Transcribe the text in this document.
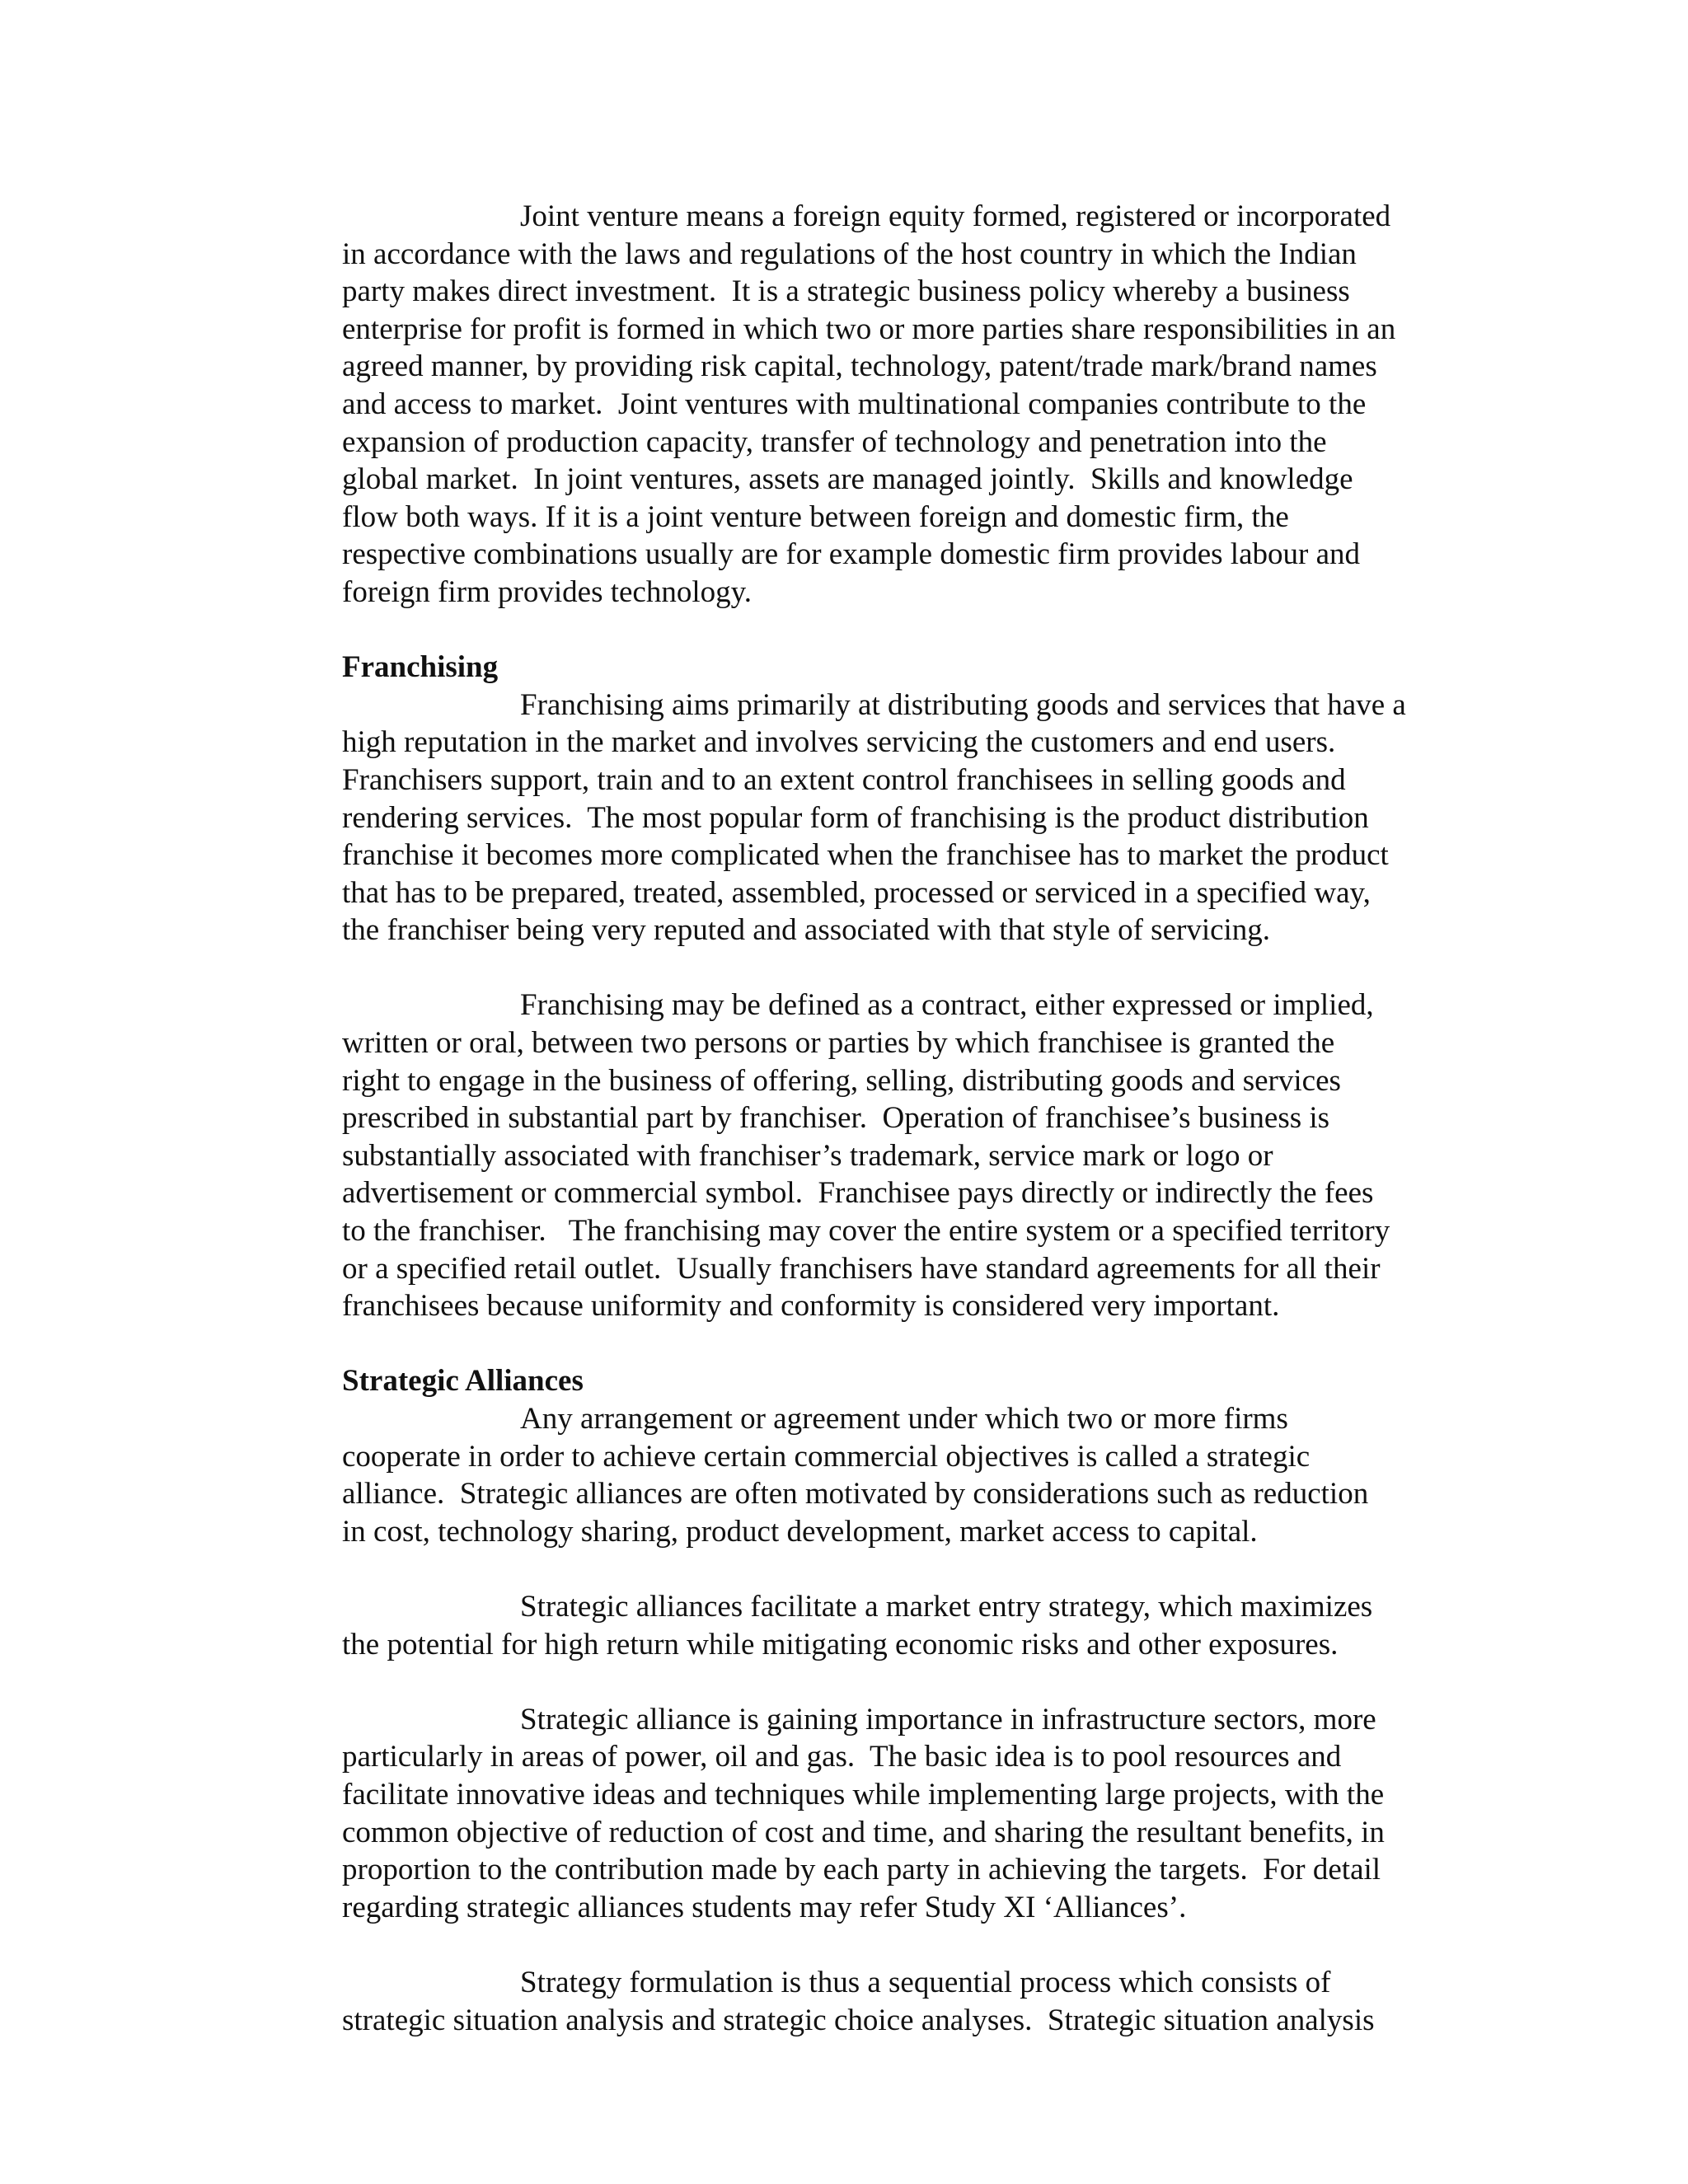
Joint venture means a foreign equity formed, registered or incorporated
in accordance with the laws and regulations of the host country in which the Indian
party makes direct investment.  It is a strategic business policy whereby a business
enterprise for profit is formed in which two or more parties share responsibilities in an
agreed manner, by providing risk capital, technology, patent/trade mark/brand names
and access to market.  Joint ventures with multinational companies contribute to the
expansion of production capacity, transfer of technology and penetration into the
global market.  In joint ventures, assets are managed jointly.  Skills and knowledge
flow both ways. If it is a joint venture between foreign and domestic firm, the
respective combinations usually are for example domestic firm provides labour and
foreign firm provides technology.
Franchising
Franchising aims primarily at distributing goods and services that have a
high reputation in the market and involves servicing the customers and end users.
Franchisers support, train and to an extent control franchisees in selling goods and
rendering services.  The most popular form of franchising is the product distribution
franchise it becomes more complicated when the franchisee has to market the product
that has to be prepared, treated, assembled, processed or serviced in a specified way,
the franchiser being very reputed and associated with that style of servicing.
Franchising may be defined as a contract, either expressed or implied,
written or oral, between two persons or parties by which franchisee is granted the
right to engage in the business of offering, selling, distributing goods and services
prescribed in substantial part by franchiser.  Operation of franchisee’s business is
substantially associated with franchiser’s trademark, service mark or logo or
advertisement or commercial symbol.  Franchisee pays directly or indirectly the fees
to the franchiser.   The franchising may cover the entire system or a specified territory
or a specified retail outlet.  Usually franchisers have standard agreements for all their
franchisees because uniformity and conformity is considered very important.
Strategic Alliances
Any arrangement or agreement under which two or more firms
cooperate in order to achieve certain commercial objectives is called a strategic
alliance.  Strategic alliances are often motivated by considerations such as reduction
in cost, technology sharing, product development, market access to capital.
Strategic alliances facilitate a market entry strategy, which maximizes
the potential for high return while mitigating economic risks and other exposures.
Strategic alliance is gaining importance in infrastructure sectors, more
particularly in areas of power, oil and gas.  The basic idea is to pool resources and
facilitate innovative ideas and techniques while implementing large projects, with the
common objective of reduction of cost and time, and sharing the resultant benefits, in
proportion to the contribution made by each party in achieving the targets.  For detail
regarding strategic alliances students may refer Study XI ‘Alliances’.
Strategy formulation is thus a sequential process which consists of
strategic situation analysis and strategic choice analyses.  Strategic situation analysis
